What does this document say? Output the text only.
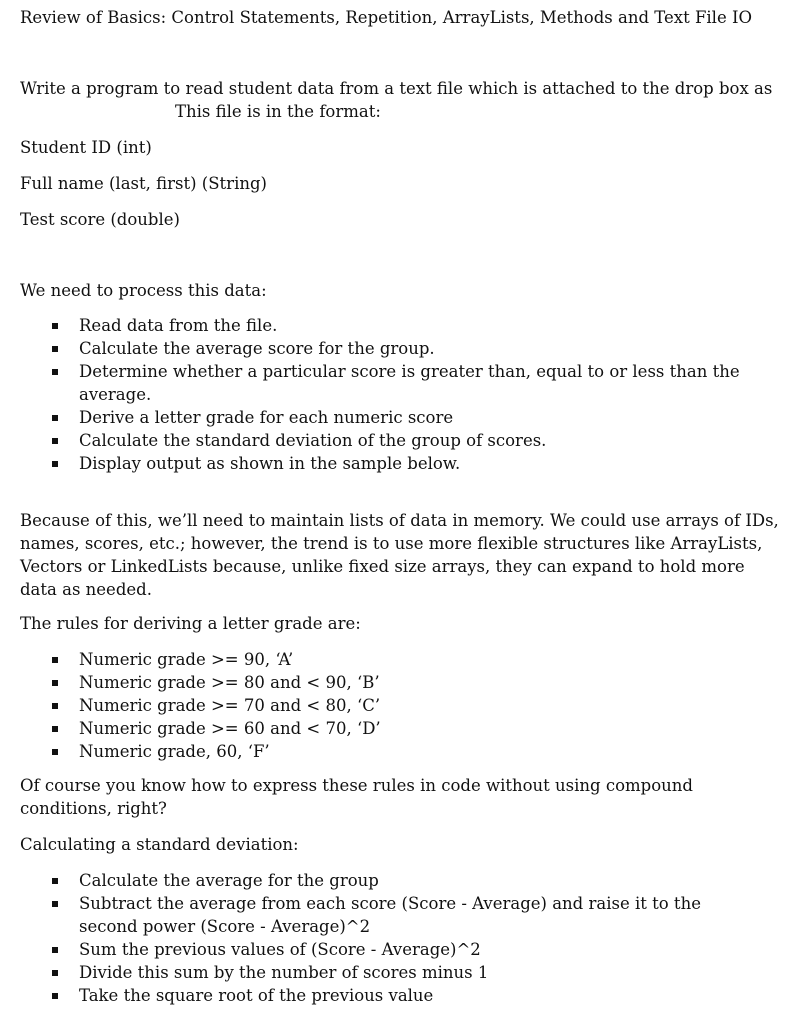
Review of Basics: Control Statements, Repetition, ArrayLists, Methods and Text File IO

Write a program to read student data from a text file which is attached to the drop box as
This file is in the format:

Student ID (int)

Full name (last, first) (String)

Test score (double)

We need to process this data:

Read data from the file.
Calculate the average score for the group.
Determine whether a particular score is greater than, equal to or less than the average.
Derive a letter grade for each numeric score
Calculate the standard deviation of the group of scores.
Display output as shown in the sample below.

Because of this, we’ll need to maintain lists of data in memory. We could use arrays of IDs, names, scores, etc.; however, the trend is to use more flexible structures like ArrayLists, Vectors or LinkedLists because, unlike fixed size arrays, they can expand to hold more data as needed.

The rules for deriving a letter grade are:

Numeric grade >= 90, ‘A’
Numeric grade >= 80 and < 90, ‘B’
Numeric grade >= 70 and < 80, ‘C’
Numeric grade >= 60 and < 70, ‘D’
Numeric grade, 60, ‘F’

Of course you know how to express these rules in code without using compound conditions, right?

Calculating a standard deviation:

Calculate the average for the group
Subtract the average from each score (Score - Average) and raise it to the second power (Score - Average)^2
Sum the previous values of (Score - Average)^2
Divide this sum by the number of scores minus 1
Take the square root of the previous value
